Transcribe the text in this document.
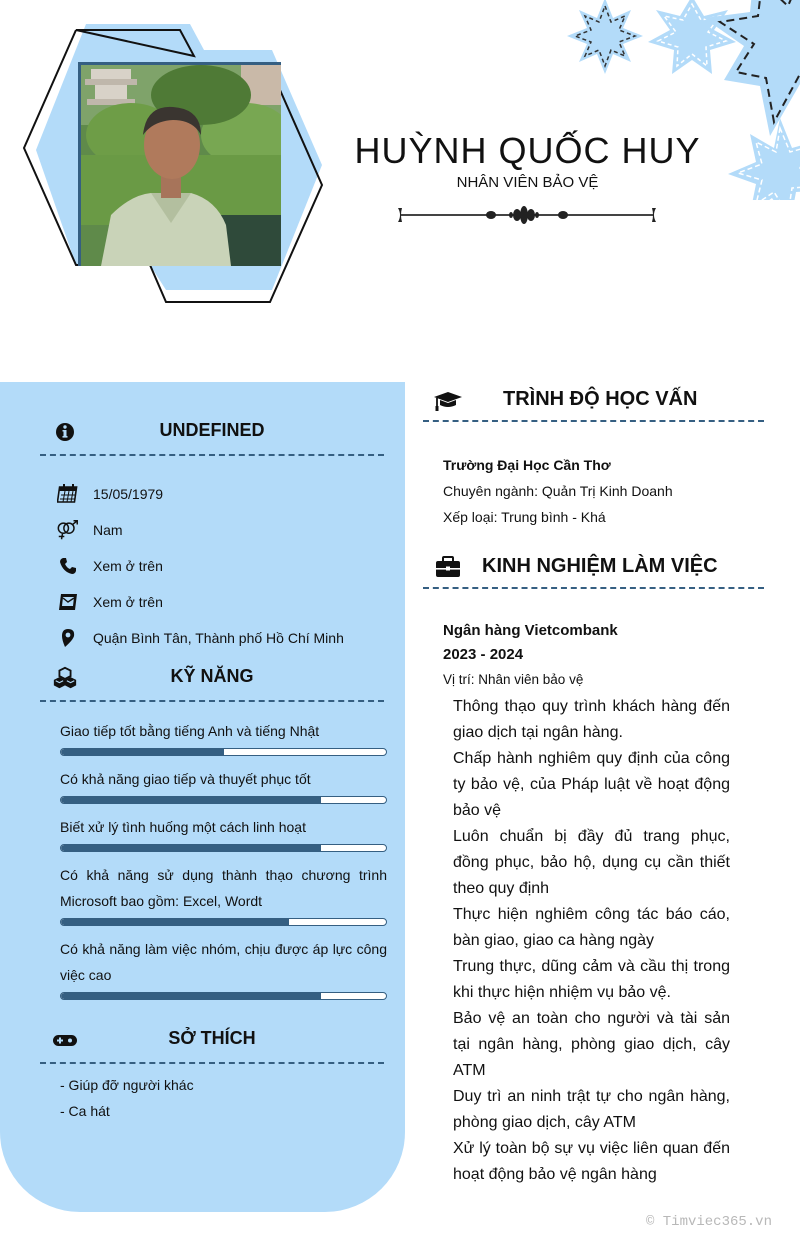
HUỲNH QUỐC HUY
NHÂN VIÊN BẢO VỆ
UNDEFINED
15/05/1979
Nam
Xem ở trên
Xem ở trên
Quận Bình Tân, Thành phố Hồ Chí Minh
KỸ NĂNG
Giao tiếp tốt bằng tiếng Anh và tiếng Nhật
Có khả năng giao tiếp và thuyết phục tốt
Biết xử lý tình huống một cách linh hoạt
Có khả năng sử dụng thành thạo chương trình Microsoft bao gồm: Excel, Wordt
Có khả năng làm việc nhóm, chịu được áp lực công việc cao
SỞ THÍCH
- Giúp đỡ người khác
- Ca hát
TRÌNH ĐỘ HỌC VẤN
Trường Đại Học Cần Thơ
Chuyên ngành: Quản Trị Kinh Doanh
Xếp loại: Trung bình - Khá
KINH NGHIỆM LÀM VIỆC
Ngân hàng Vietcombank
2023 - 2024
Vị trí: Nhân viên bảo vệ
Thông thạo quy trình khách hàng đến giao dịch tại ngân hàng.
Chấp hành nghiêm quy định của công ty bảo vệ, của Pháp luật về hoạt động bảo vệ
Luôn chuẩn bị đầy đủ trang phục, đồng phục, bảo hộ, dụng cụ cần thiết theo quy định
Thực hiện nghiêm công tác báo cáo, bàn giao, giao ca hàng ngày
Trung thực, dũng cảm và cầu thị trong khi thực hiện nhiệm vụ bảo vệ.
Bảo vệ an toàn cho người và tài sản tại ngân hàng, phòng giao dịch, cây ATM
Duy trì an ninh trật tự cho ngân hàng, phòng giao dịch, cây ATM
Xử lý toàn bộ sự vụ việc liên quan đến hoạt động bảo vệ ngân hàng
© Timviec365.vn
